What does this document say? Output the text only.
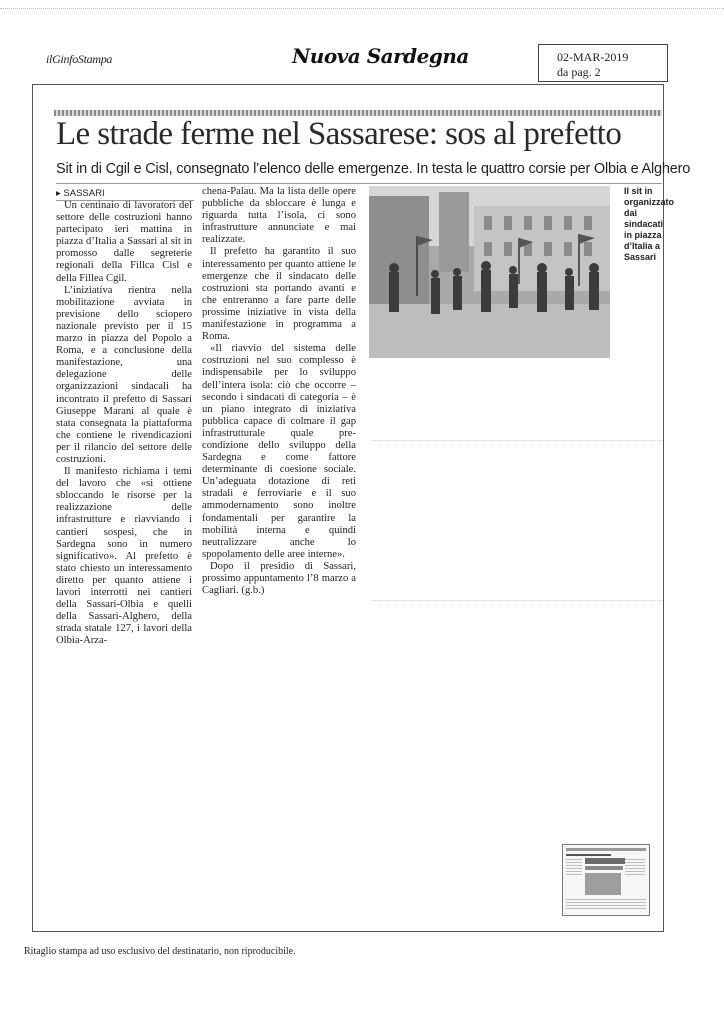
ilGinfoStampa	Nuova Sardegna	02-MAR-2019
da pag. 2
Le strade ferme nel Sassarese: sos al prefetto
Sit in di Cgil e Cisl, consegnato l’elenco delle emergenze. In testa le quattro corsie per Olbia e Alghero
▸ SASSARI

Un centinaio di lavoratori del settore delle costruzioni hanno partecipato ieri mattina in piazza d’Italia a Sassari al sit in promosso dalle segreterie regionali della Fillca Cisl e della Fillea Cgil.

L’iniziativa rientra nella mobilitazione avviata in previsione dello sciopero nazionale previsto per il 15 marzo in piazza del Popolo a Roma, e a conclusione della manifestazione, una delegazione delle organizzazioni sindacali ha incontrato il prefetto di Sassari Giuseppe Marani al quale è stata consegnata la piattaforma che contiene le rivendicazioni per il rilancio del settore delle costruzioni.

Il manifesto richiama i temi del lavoro che «si ottiene sbloccando le risorse per la realizzazione delle infrastrutture e riavviando i cantieri sospesi, che in Sardegna sono in numero significativo». Al prefetto è stato chiesto un interessamento diretto per quanto attiene i lavori interrotti nei cantieri della Sassari-Olbia e quelli della Sassari-Alghero, della strada statale 127, i lavori della Olbia-Arza-

chena-Palau. Ma la lista delle opere pubbliche da sbloccare è lunga e riguarda tutta l’isola, ci sono infrastrutture annunciate e mai realizzate.

Il prefetto ha garantito il suo interessamento per quanto attiene le emergenze che il sindacato delle costruzioni sta portando avanti e che entreranno a fare parte delle prossime iniziative in vista della manifestazione in programma a Roma.

«Il riavvio del sistema delle costruzioni nel suo complesso è indispensabile per lo sviluppo dell’intera isola: ciò che occorre – secondo i sindacati di categoria – è un piano integrato di iniziativa pubblica capace di colmare il gap infrastrutturale quale pre-condizione dello sviluppo della Sardegna e come fattore determinante di coesione sociale. Un’adeguata dotazione di reti stradali e ferroviarie e il suo ammodernamento sono inoltre fondamentali per garantire la mobilità interna e quindi neutralizzare anche lo spopolamento delle aree interne».

Dopo il presidio di Sassari, prossimo appuntamento l’8 marzo a Cagliari. (g.b.)

Il sit in organizzato dai sindacati in piazza d’Italia a Sassari
Ritaglio stampa ad uso esclusivo del destinatario, non riproducibile.
